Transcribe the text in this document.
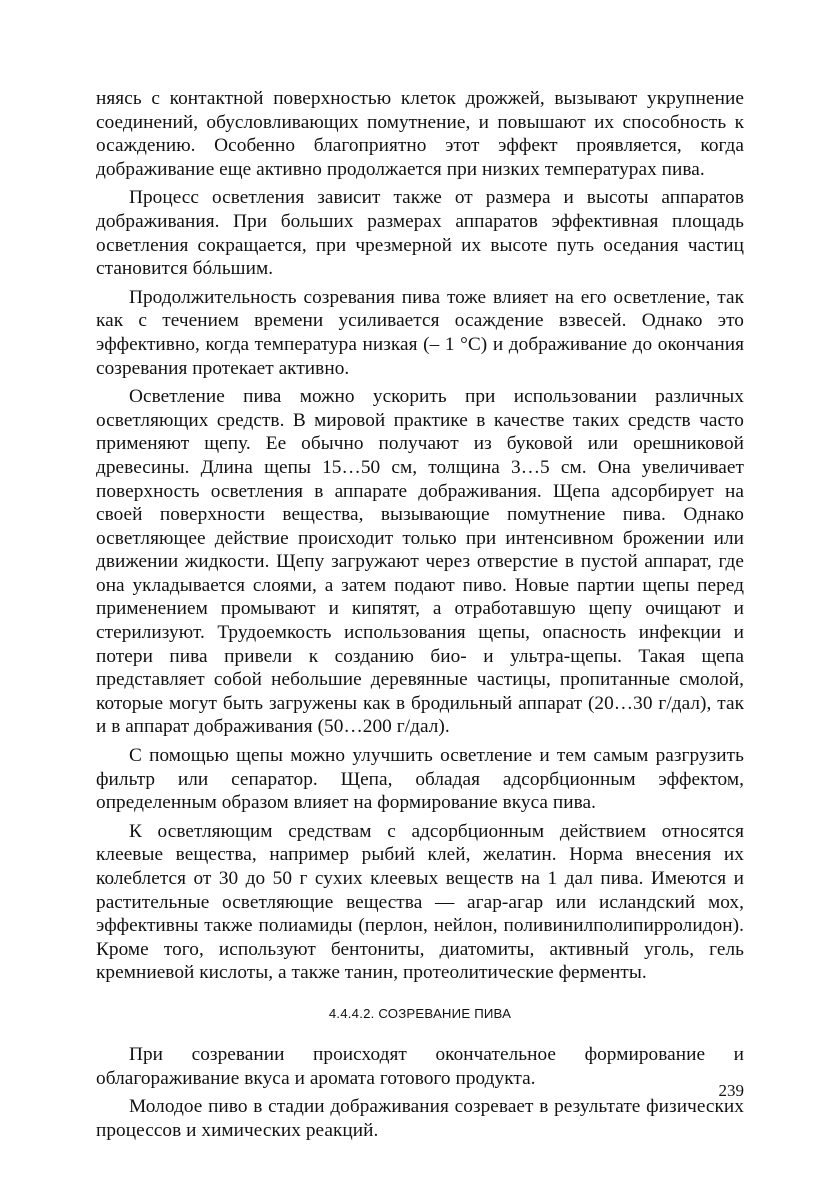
няясь с контактной поверхностью клеток дрожжей, вызывают укрупнение соединений, обусловливающих помутнение, и повышают их способность к осаждению. Особенно благоприятно этот эффект проявляется, когда дображивание еще активно продолжается при низких температурах пива.

Процесс осветления зависит также от размера и высоты аппаратов дображивания. При больших размерах аппаратов эффективная площадь осветления сокращается, при чрезмерной их высоте путь оседания частиц становится бóльшим.

Продолжительность созревания пива тоже влияет на его осветление, так как с течением времени усиливается осаждение взвесей. Однако это эффективно, когда температура низкая (– 1 °С) и дображивание до окончания созревания протекает активно.

Осветление пива можно ускорить при использовании различных осветляющих средств. В мировой практике в качестве таких средств часто применяют щепу. Ее обычно получают из буковой или орешниковой древесины. Длина щепы 15…50 см, толщина 3…5 см. Она увеличивает поверхность осветления в аппарате дображивания. Щепа адсорбирует на своей поверхности вещества, вызывающие помутнение пива. Однако осветляющее действие происходит только при интенсивном брожении или движении жидкости. Щепу загружают через отверстие в пустой аппарат, где она укладывается слоями, а затем подают пиво. Новые партии щепы перед применением промывают и кипятят, а отработавшую щепу очищают и стерилизуют. Трудоемкость использования щепы, опасность инфекции и потери пива привели к созданию био- и ультра-щепы. Такая щепа представляет собой небольшие деревянные частицы, пропитанные смолой, которые могут быть загружены как в бродильный аппарат (20…30 г/дал), так и в аппарат дображивания (50…200 г/дал).

С помощью щепы можно улучшить осветление и тем самым разгрузить фильтр или сепаратор. Щепа, обладая адсорбционным эффектом, определенным образом влияет на формирование вкуса пива.

К осветляющим средствам с адсорбционным действием относятся клеевые вещества, например рыбий клей, желатин. Норма внесения их колеблется от 30 до 50 г сухих клеевых веществ на 1 дал пива. Имеются и растительные осветляющие вещества — агар-агар или исландский мох, эффективны также полиамиды (перлон, нейлон, поливинилполипирролидон). Кроме того, используют бентониты, диатомиты, активный уголь, гель кремниевой кислоты, а также танин, протеолитические ферменты.

4.4.4.2. СОЗРЕВАНИЕ ПИВА

При созревании происходят окончательное формирование и облагораживание вкуса и аромата готового продукта.

Молодое пиво в стадии дображивания созревает в результате физических процессов и химических реакций.

239
